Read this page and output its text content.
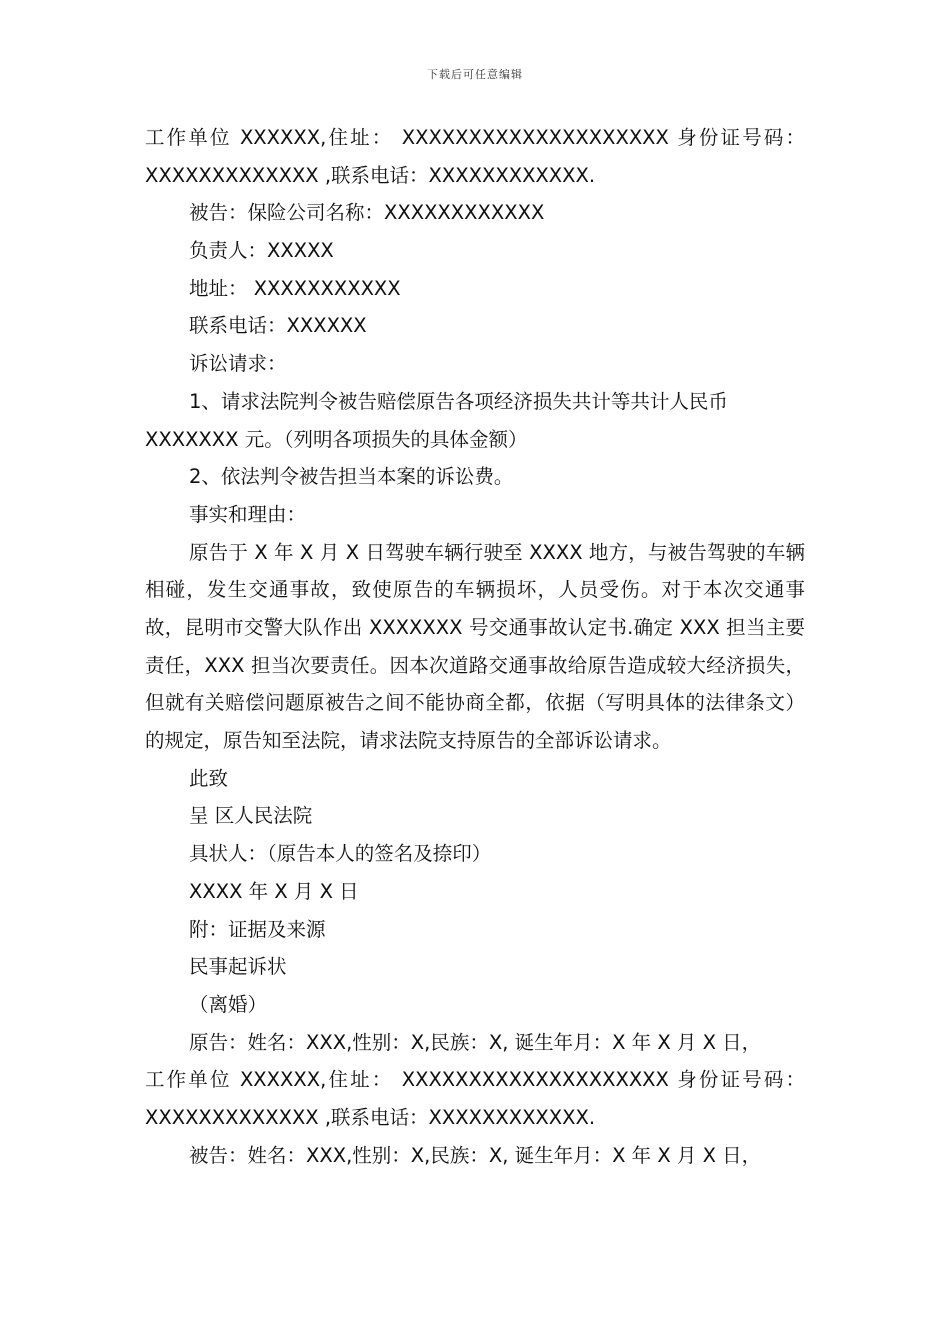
下载后可任意编辑
工作单位 XXXXXX,住址： XXXXXXXXXXXXXXXXXXXX 身份证号码：
XXXXXXXXXXXXX ,联系电话：XXXXXXXXXXXX.
被告：保险公司名称：XXXXXXXXXXXX
负责人：XXXXX
地址： XXXXXXXXXXX
联系电话：XXXXXX
诉讼请求：
1、请求法院判令被告赔偿原告各项经济损失共计等共计人民币
XXXXXXX 元。（列明各项损失的具体金额）
2、依法判令被告担当本案的诉讼费。
事实和理由：
原告于 X 年 X 月 X 日驾驶车辆行驶至 XXXX 地方，与被告驾驶的车辆相碰，发生交通事故，致使原告的车辆损坏，人员受伤。对于本次交通事故，昆明市交警大队作出 XXXXXXX 号交通事故认定书.确定 XXX 担当主要责任，XXX 担当次要责任。因本次道路交通事故给原告造成较大经济损失，但就有关赔偿问题原被告之间不能协商全都，依据（写明具体的法律条文）的规定，原告知至法院，请求法院支持原告的全部诉讼请求。
此致
呈 区人民法院
具状人：（原告本人的签名及捺印）
XXXX 年 X 月 X 日
附：证据及来源
民事起诉状
（离婚）
原告：姓名：XXX,性别：X,民族：X, 诞生年月：X 年 X 月 X 日，
工作单位 XXXXXX,住址： XXXXXXXXXXXXXXXXXXXX 身份证号码：
XXXXXXXXXXXXX ,联系电话：XXXXXXXXXXXX.
被告：姓名：XXX,性别：X,民族：X, 诞生年月：X 年 X 月 X 日，
